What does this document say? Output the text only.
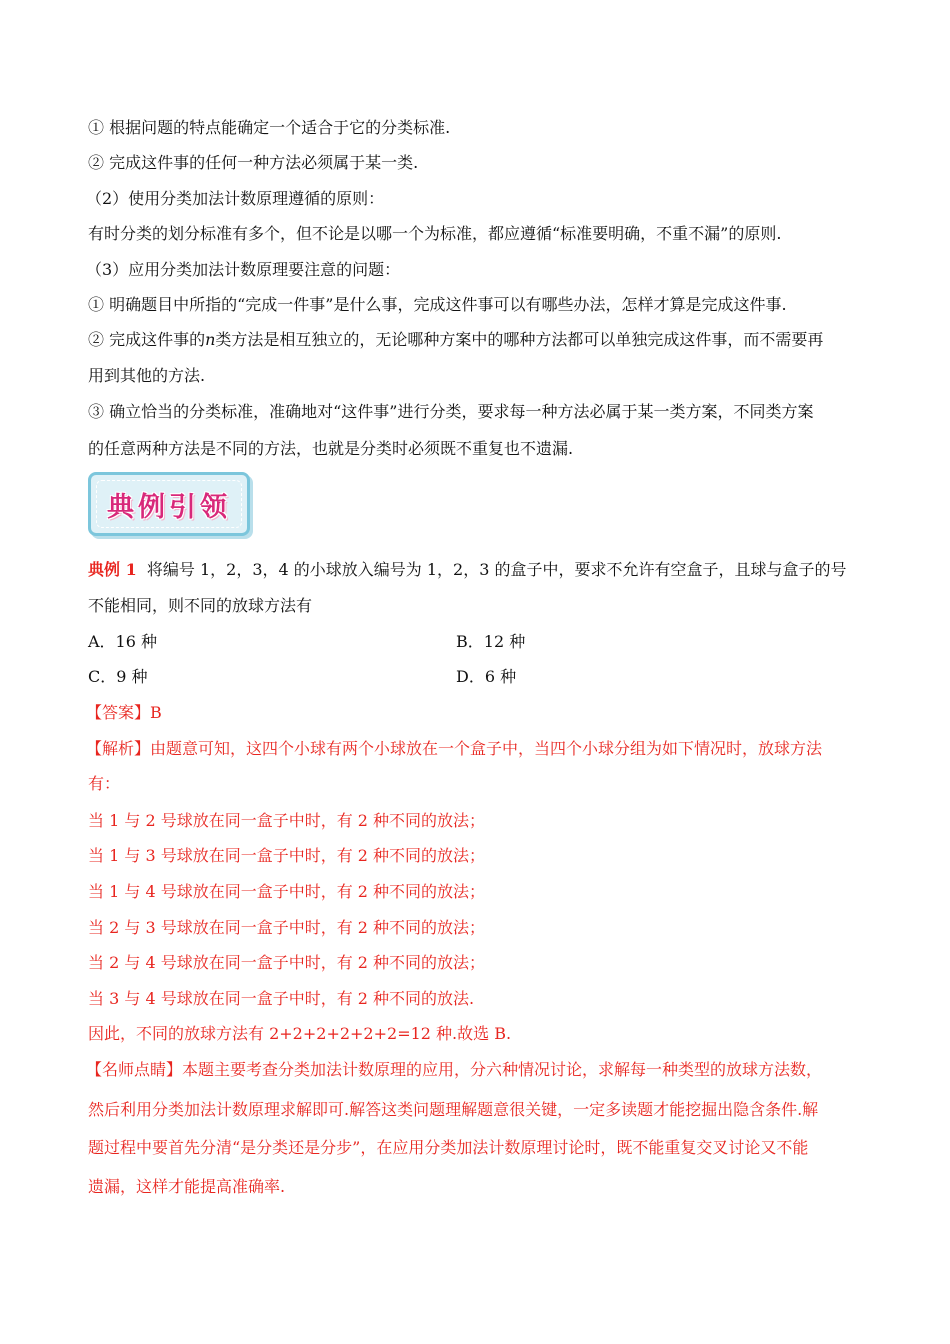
① 根据问题的特点能确定一个适合于它的分类标准.
② 完成这件事的任何一种方法必须属于某一类.
（2）使用分类加法计数原理遵循的原则：
有时分类的划分标准有多个，但不论是以哪一个为标准，都应遵循“标准要明确，不重不漏”的原则.
（3）应用分类加法计数原理要注意的问题：
① 明确题目中所指的“完成一件事”是什么事，完成这件事可以有哪些办法，怎样才算是完成这件事.
② 完成这件事的n类方法是相互独立的，无论哪种方案中的哪种方法都可以单独完成这件事，而不需要再
用到其他的方法.
③ 确立恰当的分类标准，准确地对“这件事”进行分类，要求每一种方法必属于某一类方案，不同类方案
的任意两种方法是不同的方法，也就是分类时必须既不重复也不遗漏.
典例引领
典例 1 将编号 1，2，3，4 的小球放入编号为 1，2，3 的盒子中，要求不允许有空盒子，且球与盒子的号
不能相同，则不同的放球方法有
A．16 种	B．12 种
C．9 种	D．6 种
【答案】B
【解析】由题意可知，这四个小球有两个小球放在一个盒子中，当四个小球分组为如下情况时，放球方法
有：
当 1 与 2 号球放在同一盒子中时，有 2 种不同的放法；
当 1 与 3 号球放在同一盒子中时，有 2 种不同的放法；
当 1 与 4 号球放在同一盒子中时，有 2 种不同的放法；
当 2 与 3 号球放在同一盒子中时，有 2 种不同的放法；
当 2 与 4 号球放在同一盒子中时，有 2 种不同的放法；
当 3 与 4 号球放在同一盒子中时，有 2 种不同的放法.
因此，不同的放球方法有 2+2+2+2+2+2=12 种.故选 B.
【名师点睛】本题主要考查分类加法计数原理的应用，分六种情况讨论，求解每一种类型的放球方法数，
然后利用分类加法计数原理求解即可.解答这类问题理解题意很关键，一定多读题才能挖掘出隐含条件.解
题过程中要首先分清“是分类还是分步”，在应用分类加法计数原理讨论时，既不能重复交叉讨论又不能
遗漏，这样才能提高准确率.
